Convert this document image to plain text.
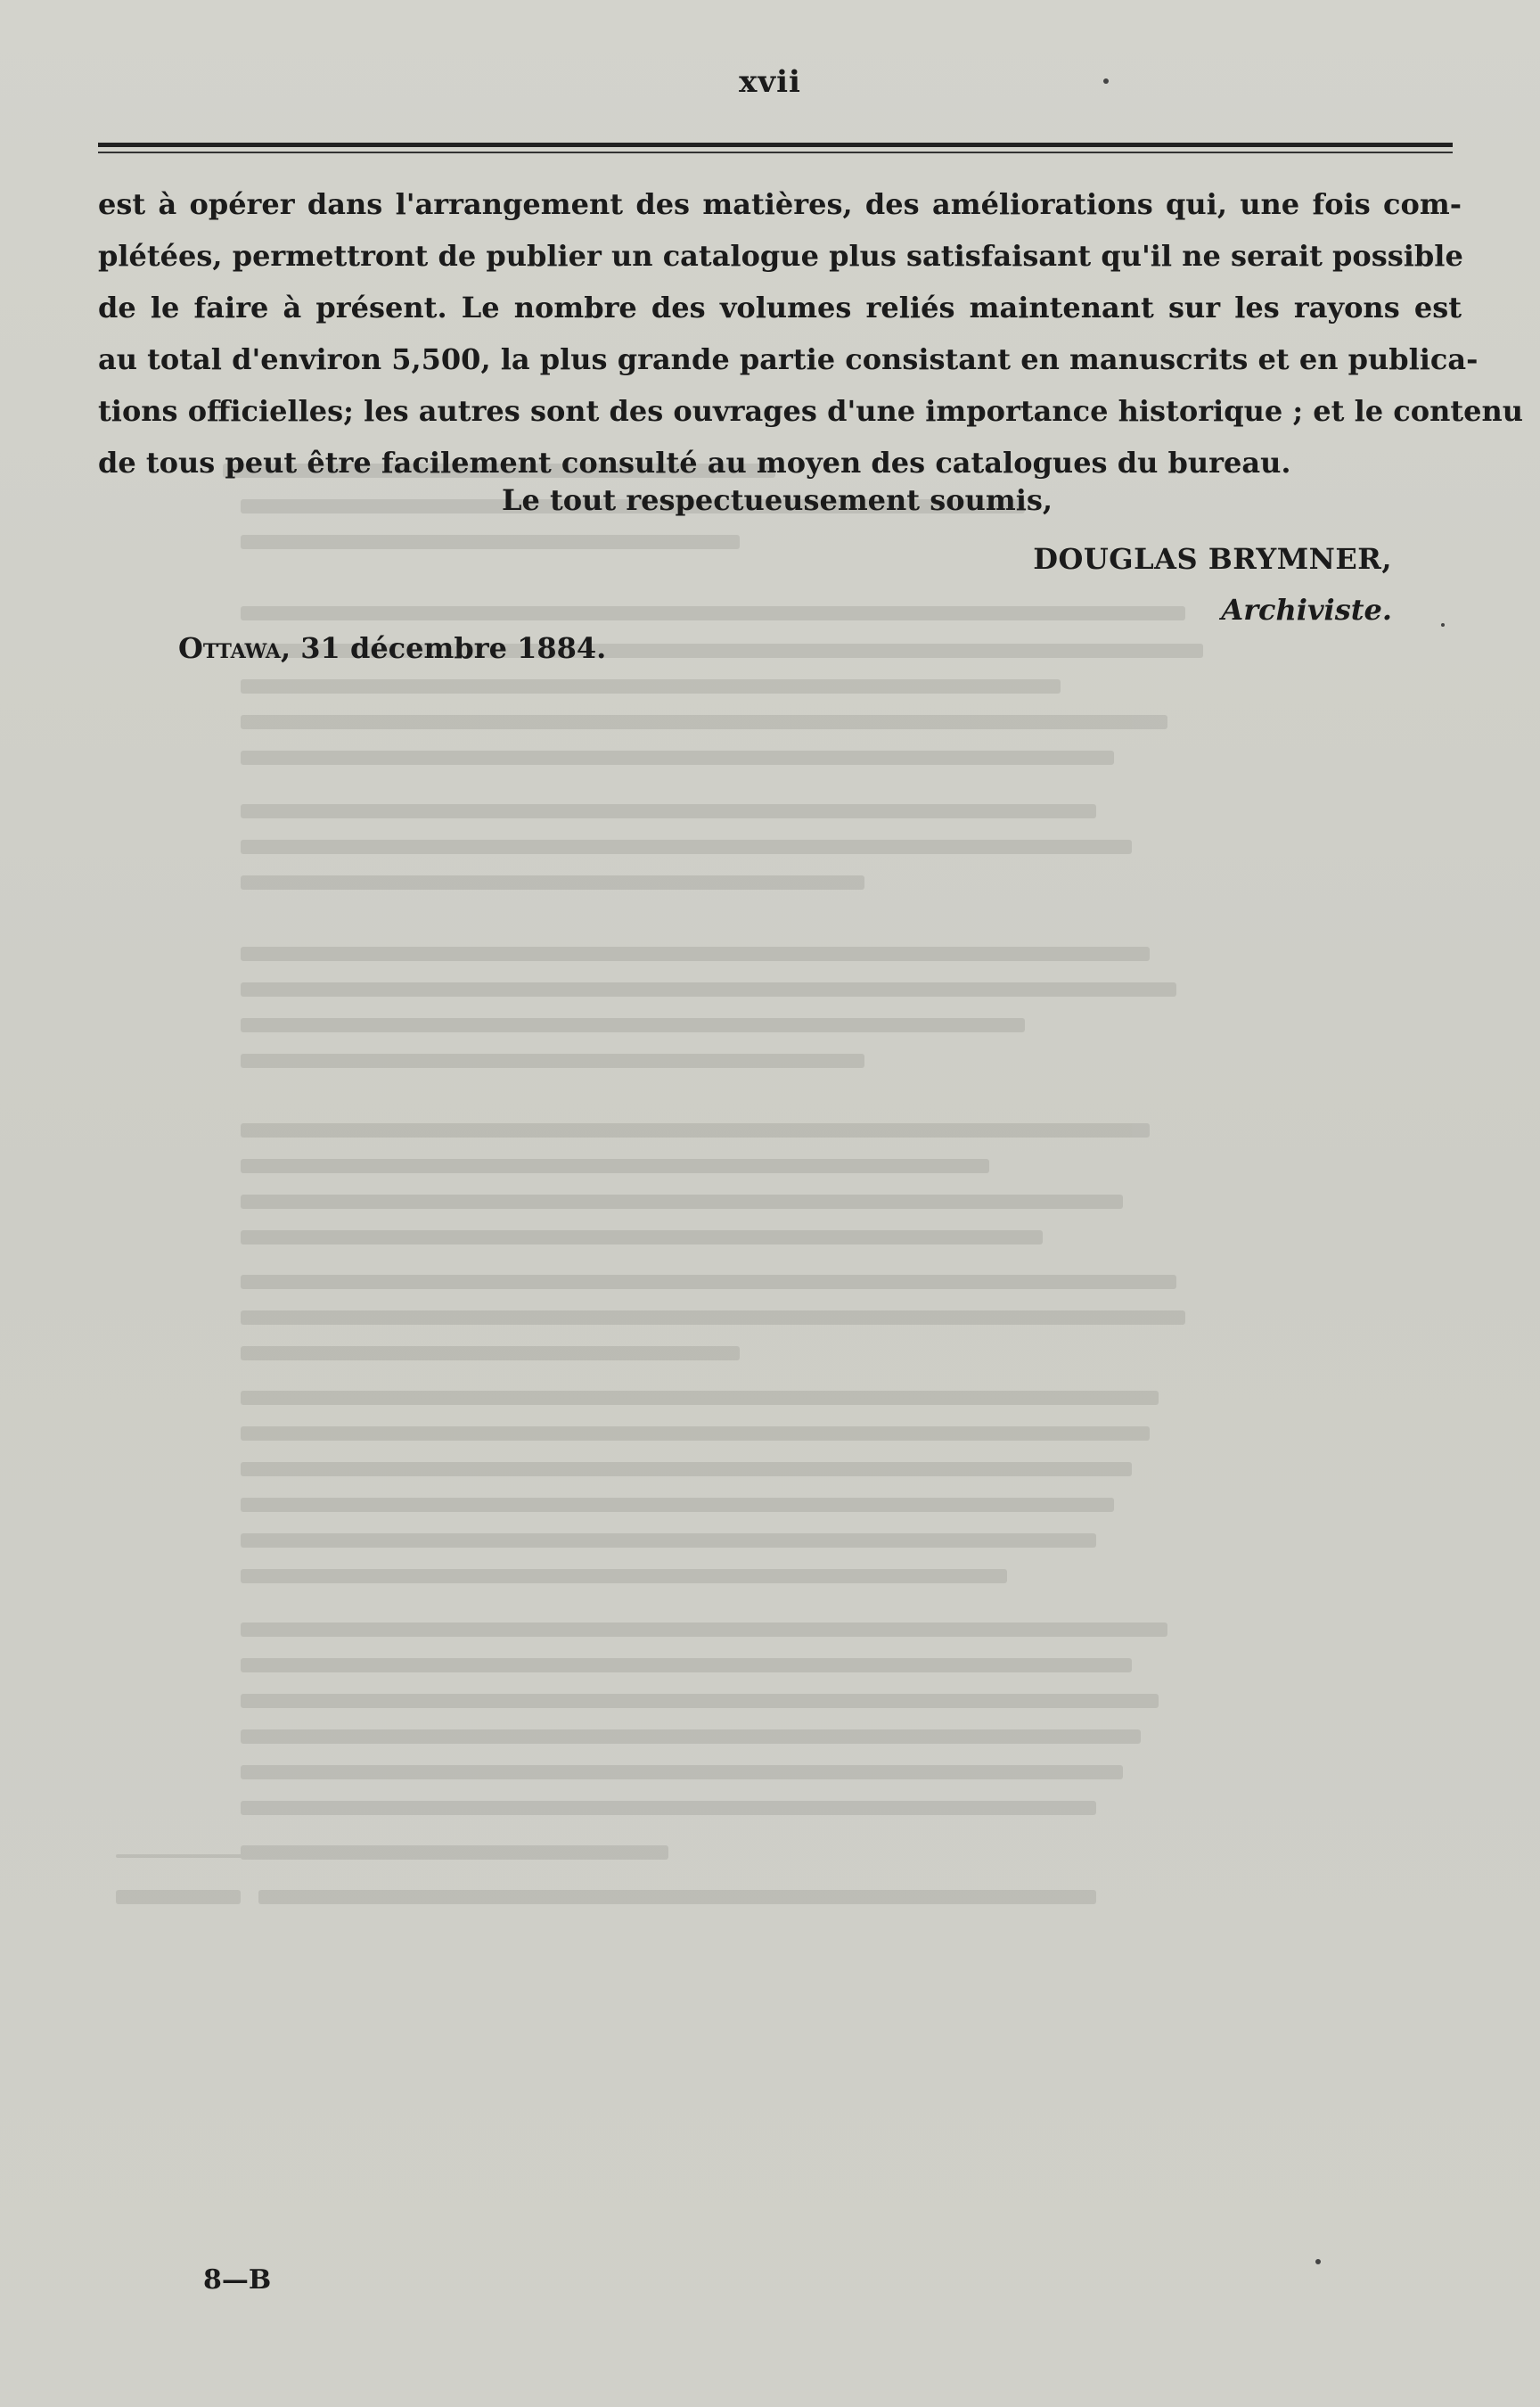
xvii
est à opérer dans l'arrangement des matières, des améliorations qui, une fois com-
plétées, permettront de publier un catalogue plus satisfaisant qu'il ne serait possible
de le faire à présent. Le nombre des volumes reliés maintenant sur les rayons est
au total d'environ 5,500, la plus grande partie consistant en manuscrits et en publica-
tions officielles; les autres sont des ouvrages d'une importance historique ; et le contenu
de tous peut être facilement consulté au moyen des catalogues du bureau.
Le tout respectueusement soumis,
DOUGLAS BRYMNER,
Archiviste.
Ottawa, 31 décembre 1884.
8—B
